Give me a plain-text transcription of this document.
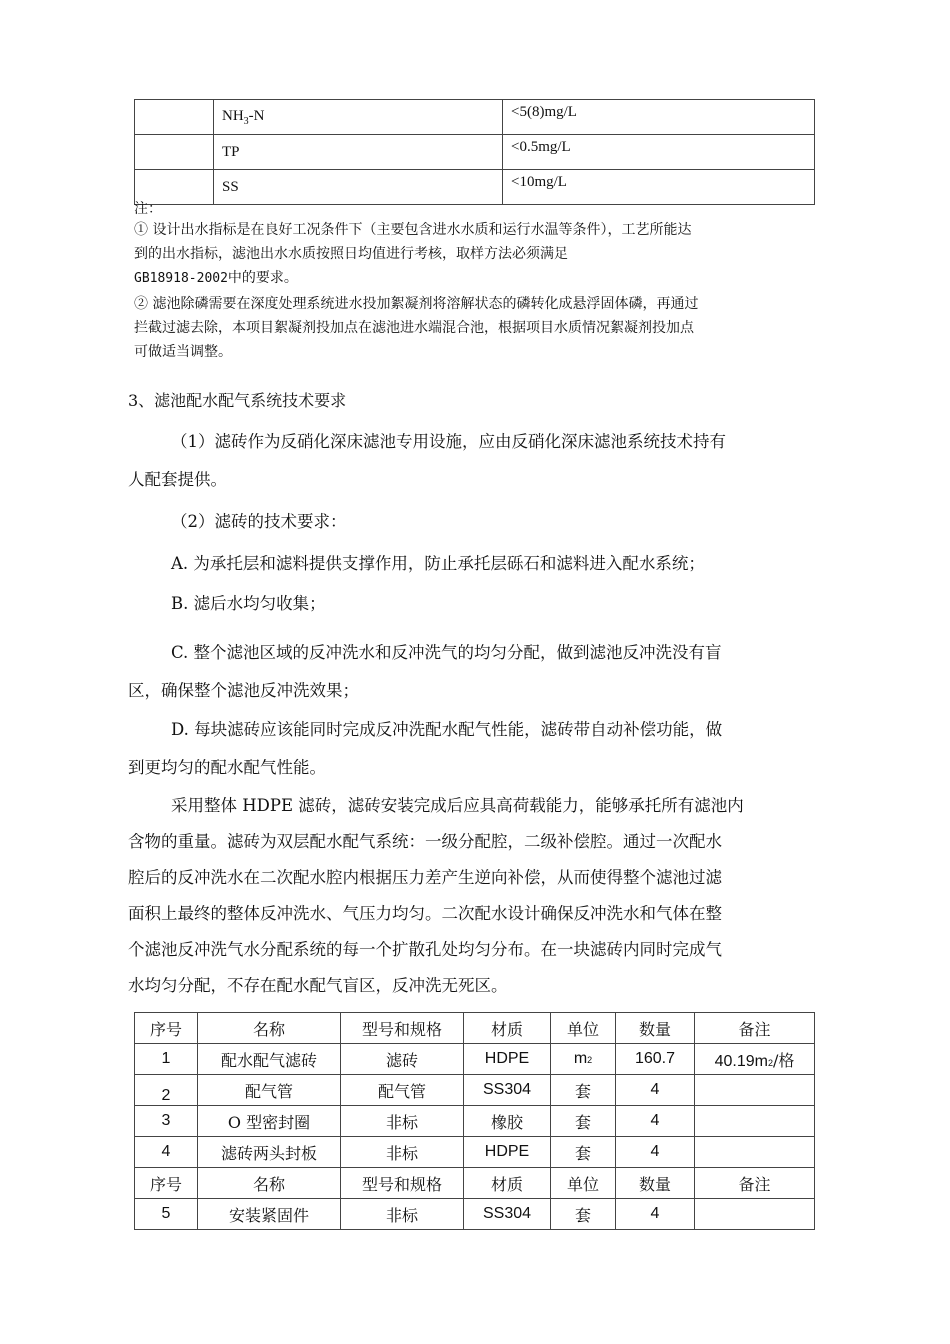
	$NH_3-N$	<5(8)mg/L
	TP	<0.5mg/L
	SS	<10mg/L
注：
① 设计出水指标是在良好工况条件下（主要包含进水水质和运行水温等条件），工艺所能达
到的出水指标，滤池出水水质按照日均值进行考核，取样方法必须满足
GB18918-2002中的要求。
② 滤池除磷需要在深度处理系统进水投加絮凝剂将溶解状态的磷转化成悬浮固体磷，再通过
拦截过滤去除，本项目絮凝剂投加点在滤池进水端混合池，根据项目水质情况絮凝剂投加点
可做适当调整。
3、滤池配水配气系统技术要求
（1）滤砖作为反硝化深床滤池专用设施，应由反硝化深床滤池系统技术持有
人配套提供。
（2）滤砖的技术要求：
A. 为承托层和滤料提供支撑作用，防止承托层砾石和滤料进入配水系统；
B. 滤后水均匀收集；
C. 整个滤池区域的反冲洗水和反冲洗气的均匀分配，做到滤池反冲洗没有盲
区，确保整个滤池反冲洗效果；
D. 每块滤砖应该能同时完成反冲洗配水配气性能，滤砖带自动补偿功能，做
到更均匀的配水配气性能。
采用整体 HDPE 滤砖，滤砖安装完成后应具高荷载能力，能够承托所有滤池内
含物的重量。滤砖为双层配水配气系统：一级分配腔，二级补偿腔。通过一次配水
腔后的反冲洗水在二次配水腔内根据压力差产生逆向补偿，从而使得整个滤池过滤
面积上最终的整体反冲洗水、气压力均匀。二次配水设计确保反冲洗水和气体在整
个滤池反冲洗气水分配系统的每一个扩散孔处均匀分布。在一块滤砖内同时完成气
水均匀分配，不存在配水配气盲区，反冲洗无死区。
序号	名称	型号和规格	材质	单位	数量	备注
1	配水配气滤砖	滤砖	HDPE	m2	160.7	40.19m2/格
2	配气管	配气管	SS304	套	4	
3	O 型密封圈	非标	橡胶	套	4	
4	滤砖两头封板	非标	HDPE	套	4	
序号	名称	型号和规格	材质	单位	数量	备注
5	安装紧固件	非标	SS304	套	4	
